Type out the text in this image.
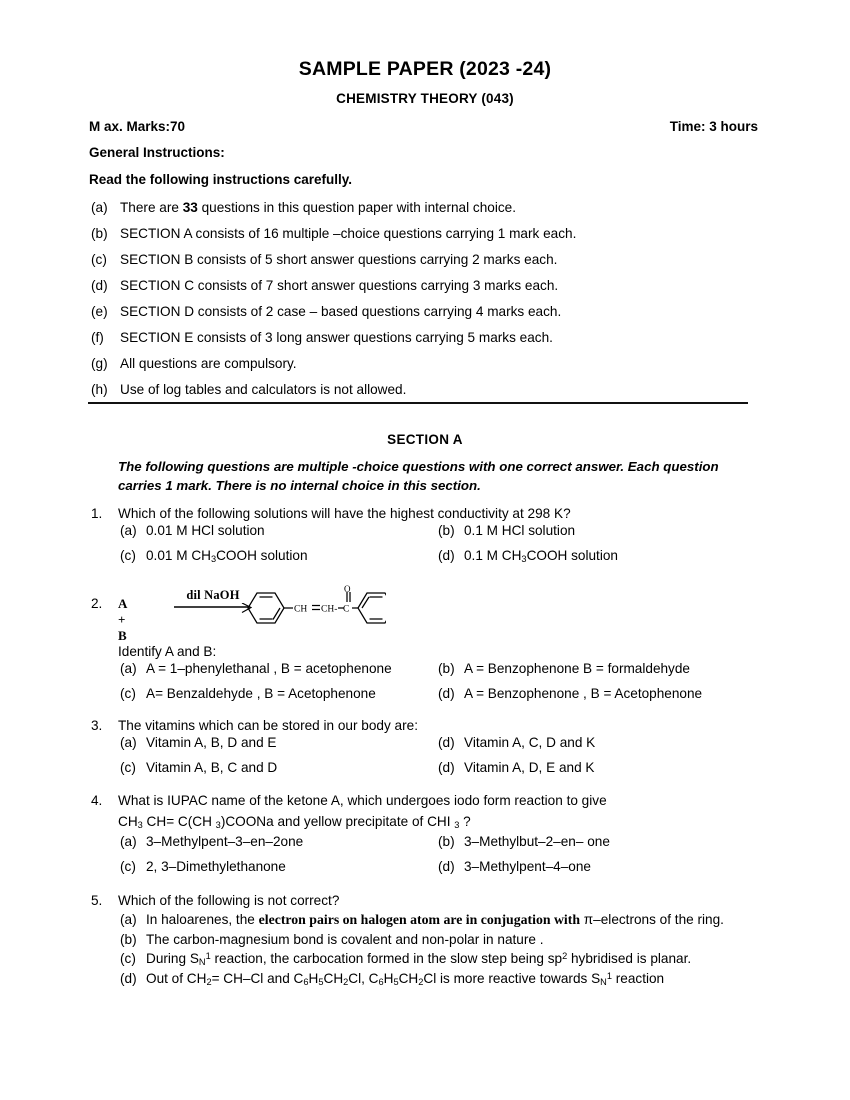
SAMPLE PAPER (2023 -24)
CHEMISTRY THEORY (043)
M ax. Marks:70	Time: 3 hours
General Instructions:
Read the following instructions carefully.
(a) There are 33 questions in this question paper with internal choice.
(b) SECTION A consists of 16 multiple –choice questions carrying 1 mark each.
(c) SECTION B consists of 5 short answer questions carrying 2 marks each.
(d) SECTION C consists of 7 short answer questions carrying 3 marks each.
(e) SECTION D consists of 2 case – based questions carrying 4 marks each.
(f)	SECTION E consists of 3 long answer questions carrying 5 marks each.
(g) All questions are compulsory.
(h) Use of log tables and calculators is not allowed.
SECTION A
The following questions are multiple -choice questions with one correct answer. Each question carries 1 mark. There is no internal choice in this section.
1.	Which of the following solutions will have the highest conductivity at 298 K?
(a) 0.01 M HCl solution	(b) 0.1 M HCl solution
(c) 0.01 M $CH_3COOH$ solution	(d) 0.1 M $CH_3COOH$ solution
2.	A + B
dil NaOH
CH CH- C
O
Identify A and B:
(a) A = 1–phenylethanal , B = acetophenone	(b) A = Benzophenone B = formaldehyde
(c) A= Benzaldehyde , B = Acetophenone	(d) A = Benzophenone , B = Acetophenone
3.	The vitamins which can be stored in our body are:
(a) Vitamin A, B, D and E	(d) Vitamin A, C, D and K
(c) Vitamin A, B, C and D	(d) Vitamin A, D, E and K
4.	What is IUPAC name of the ketone A, which undergoes iodo form reaction to give
$CH_3$ CH= C(CH $_3$)COONa and yellow precipitate of CHI $_3$ ?
(a) 3–Methylpent–3–en–2one	(b) 3–Methylbut–2–en– one
(c) 2, 3–Dimethylethanone	(d) 3–Methylpent–4–one
5.	Which of the following is not correct?
(a) In haloarenes, the electron pairs on halogen atom are in conjugation with π–electrons of the ring.
(b) The carbon-magnesium bond is covalent and non-polar in nature .
(c) During $S_N^1$ reaction, the carbocation formed in the slow step being $sp^2$ hybridised is planar.
(d) Out of $CH_2= CH-Cl$ and $C_6H_5CH_2Cl$, $C_6H_5CH_2Cl$ is more reactive towards $S_N^1$ reaction
